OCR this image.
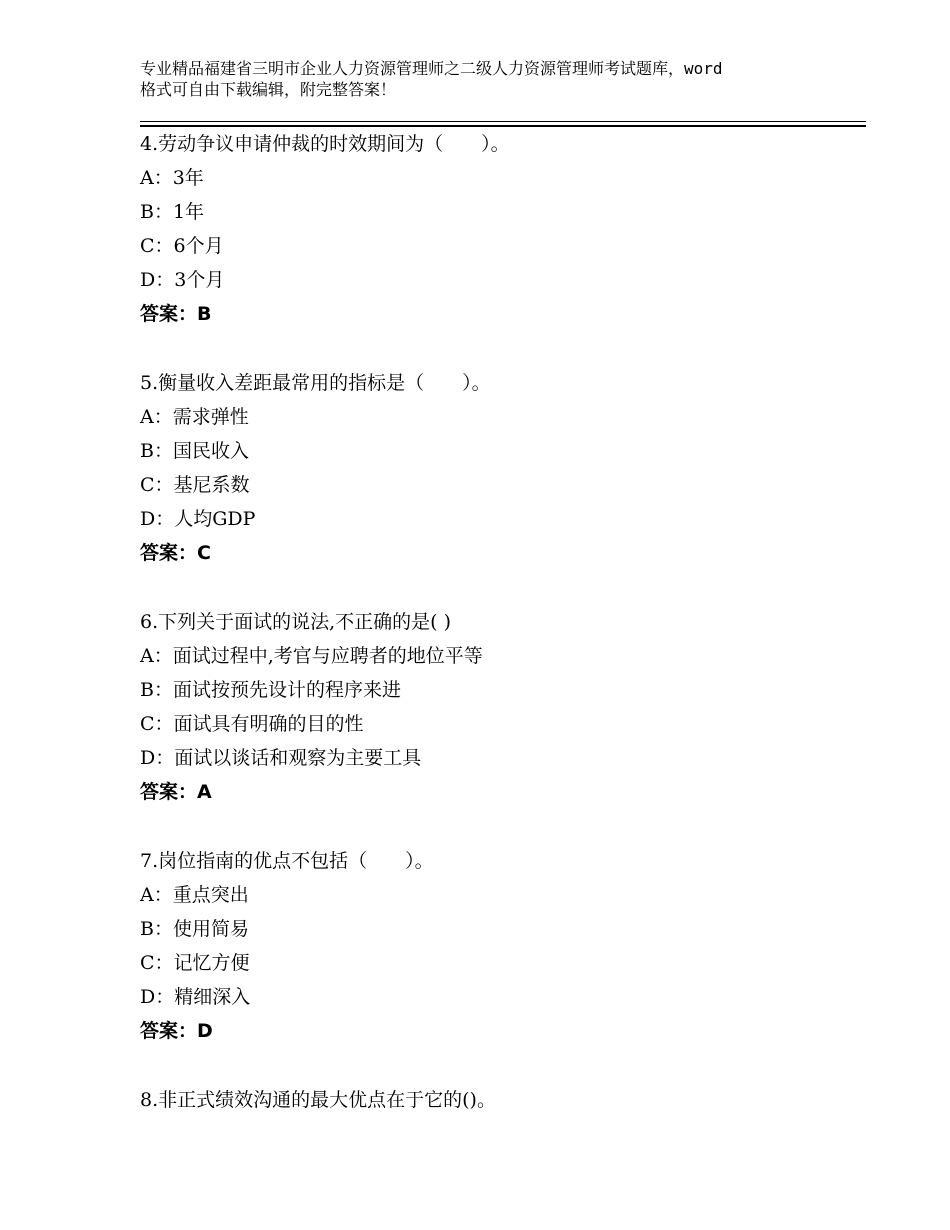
专业精品福建省三明市企业人力资源管理师之二级人力资源管理师考试题库，word
格式可自由下载编辑，附完整答案！
4.劳动争议申请仲裁的时效期间为（　　）。
A：3年
B：1年
C：6个月
D：3个月
答案：B
5.衡量收入差距最常用的指标是（　　）。
A：需求弹性
B：国民收入
C：基尼系数
D：人均GDP
答案：C
6.下列关于面试的说法,不正确的是( )
A：面试过程中,考官与应聘者的地位平等
B：面试按预先设计的程序来进
C：面试具有明确的目的性
D：面试以谈话和观察为主要工具
答案：A
7.岗位指南的优点不包括（　　）。
A：重点突出
B：使用简易
C：记忆方便
D：精细深入
答案：D
8.非正式绩效沟通的最大优点在于它的()。
